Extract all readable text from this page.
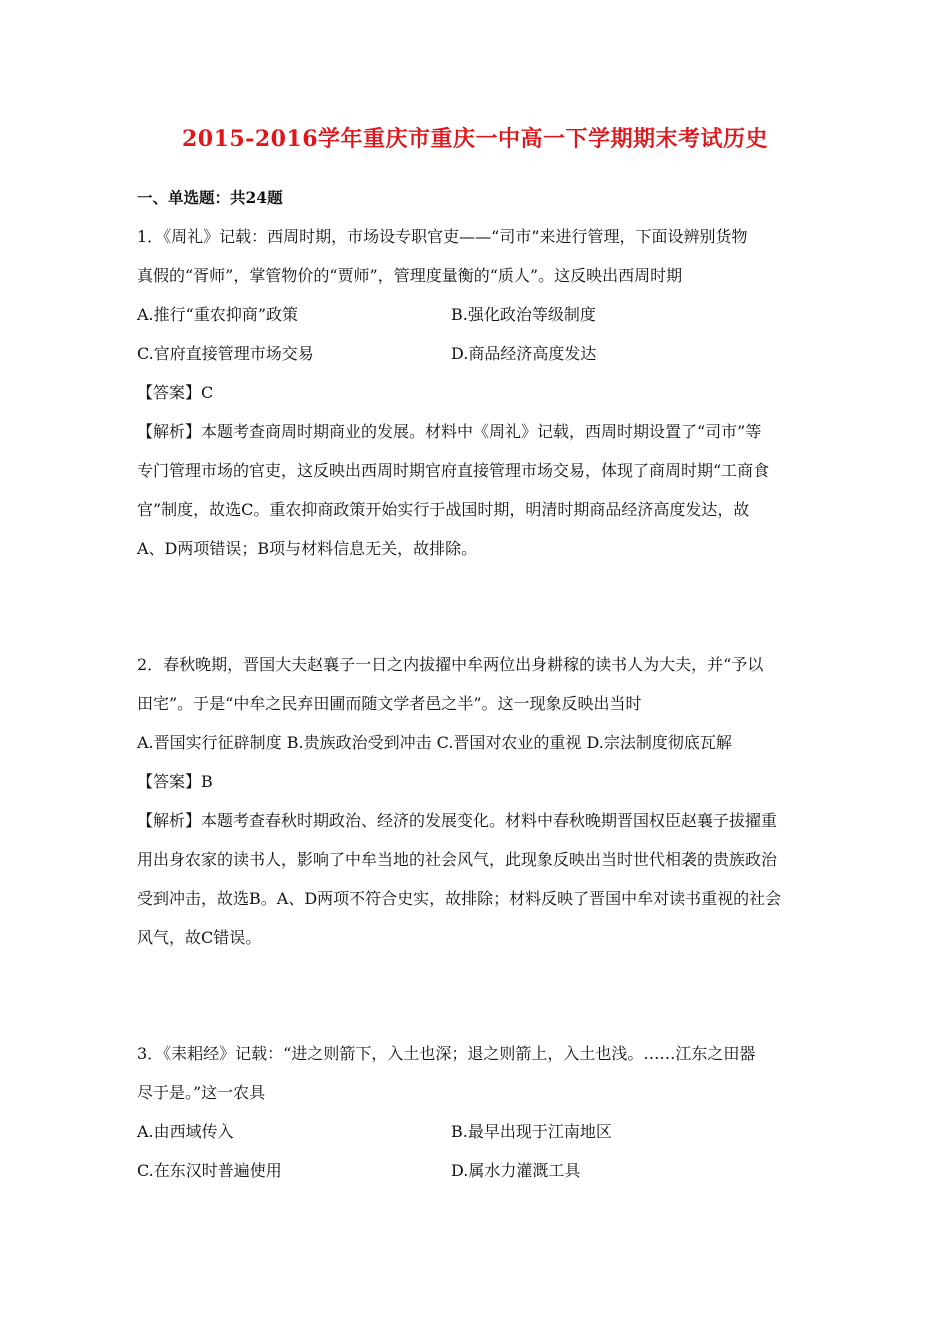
2015-2016学年重庆市重庆一中高一下学期期末考试历史
一、单选题：共24题
1．《周礼》记载：西周时期，市场设专职官吏——“司市”来进行管理，下面设辨别货物
真假的“胥师”，掌管物价的“贾师”，管理度量衡的“质人”。这反映出西周时期
A.推行“重农抑商”政策	B.强化政治等级制度
C.官府直接管理市场交易	D.商品经济高度发达
【答案】C
【解析】本题考查商周时期商业的发展。材料中《周礼》记载，西周时期设置了“司市”等
专门管理市场的官吏，这反映出西周时期官府直接管理市场交易，体现了商周时期“工商食
官”制度，故选C。重农抑商政策开始实行于战国时期，明清时期商品经济高度发达，故
A、D两项错误；B项与材料信息无关，故排除。
2．春秋晚期，晋国大夫赵襄子一日之内拔擢中牟两位出身耕稼的读书人为大夫，并“予以
田宅”。于是“中牟之民弃田圃而随文学者邑之半”。这一现象反映出当时
A.晋国实行征辟制度 B.贵族政治受到冲击 C.晋国对农业的重视 D.宗法制度彻底瓦解
【答案】B
【解析】本题考查春秋时期政治、经济的发展变化。材料中春秋晚期晋国权臣赵襄子拔擢重
用出身农家的读书人，影响了中牟当地的社会风气，此现象反映出当时世代相袭的贵族政治
受到冲击，故选B。A、D两项不符合史实，故排除；材料反映了晋国中牟对读书重视的社会
风气，故C错误。
3．《耒耜经》记载：“进之则箭下，入土也深；退之则箭上，入土也浅。……江东之田器
尽于是。”这一农具
A.由西域传入	B.最早出现于江南地区
C.在东汉时普遍使用	D.属水力灌溉工具
